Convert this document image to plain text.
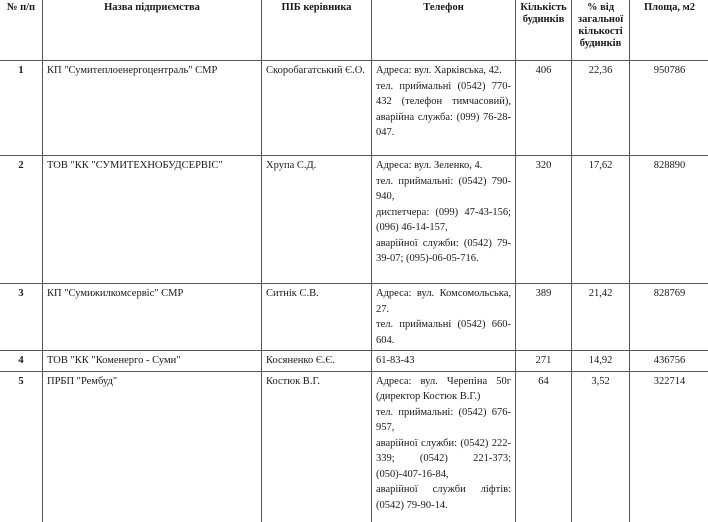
№ п/п	Назва підприємства	ПІБ керівника	Телефон	Кількість будинків	% від загальної кількості будинків	Площа, м2
1	КП "Сумитеплоенергоцентраль" СМР	Скоробагатський Є.О.	Адреса: вул. Харківська, 42.
тел. приймальні (0542) 770-432 (телефон тимчасовий), аварійна служба: (099) 76-28-047.	406	22,36	950786
2	ТОВ "КК "СУМИТЕХНОБУДСЕРВІС"	Хрупа С.Д.	Адреса: вул. Зеленко, 4.
тел. приймальні: (0542) 790-940,
диспетчера: (099) 47-43-156; (096) 46-14-157,
аварійної служби: (0542) 79-39-07; (095)-06-05-716.	320	17,62	828890
3	КП "Сумижилкомсервіс" СМР	Ситнік С.В.	Адреса: вул. Комсомольська, 27.
тел. приймальні (0542) 660-604.	389	21,42	828769
4	ТОВ "КК "Коменерго - Суми"	Косяненко Є.Є.	61-83-43	271	14,92	436756
5	ПРБП "Рембуд"	Костюк В.Г.	Адреса: вул. Черепіна 50г (директор Костюк В.Г.)
тел. приймальні: (0542) 676-957,
аварійної служби: (0542) 222-339; (0542) 221-373; (050)-407-16-84,
аварійної служби ліфтів: (0542) 79-90-14.	64	3,52	322714
